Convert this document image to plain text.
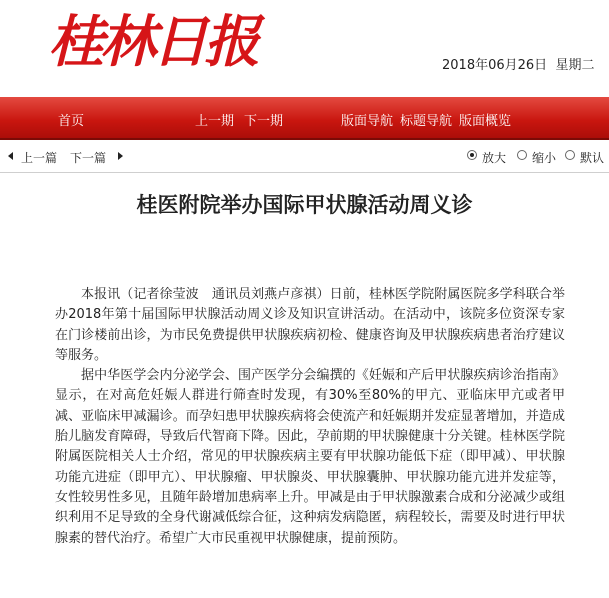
桂林日报	2018年06月26日 星期二
首页	上一期 下一期	版面导航 标题导航 版面概览
上一篇 下一篇	放大 缩小 默认
桂医附院举办国际甲状腺活动周义诊

本报讯（记者徐莹波　通讯员刘燕卢彦祺）日前，桂林医学院附属医院多学科联合举办2018年第十届国际甲状腺活动周义诊及知识宣讲活动。在活动中，该院多位资深专家在门诊楼前出诊，为市民免费提供甲状腺疾病初检、健康咨询及甲状腺疾病患者治疗建议等服务。

据中华医学会内分泌学会、围产医学分会编撰的《妊娠和产后甲状腺疾病诊治指南》显示，在对高危妊娠人群进行筛查时发现，有30%至80%的甲亢、亚临床甲亢或者甲减、亚临床甲减漏诊。而孕妇患甲状腺疾病将会使流产和妊娠期并发症显著增加，并造成胎儿脑发育障碍，导致后代智商下降。因此，孕前期的甲状腺健康十分关键。桂林医学院附属医院相关人士介绍，常见的甲状腺疾病主要有甲状腺功能低下症（即甲减）、甲状腺功能亢进症（即甲亢）、甲状腺瘤、甲状腺炎、甲状腺囊肿、甲状腺功能亢进并发症等，女性较男性多见，且随年龄增加患病率上升。甲减是由于甲状腺激素合成和分泌减少或组织利用不足导致的全身代谢减低综合征，这种病发病隐匿，病程较长，需要及时进行甲状腺素的替代治疗。希望广大市民重视甲状腺健康，提前预防。
